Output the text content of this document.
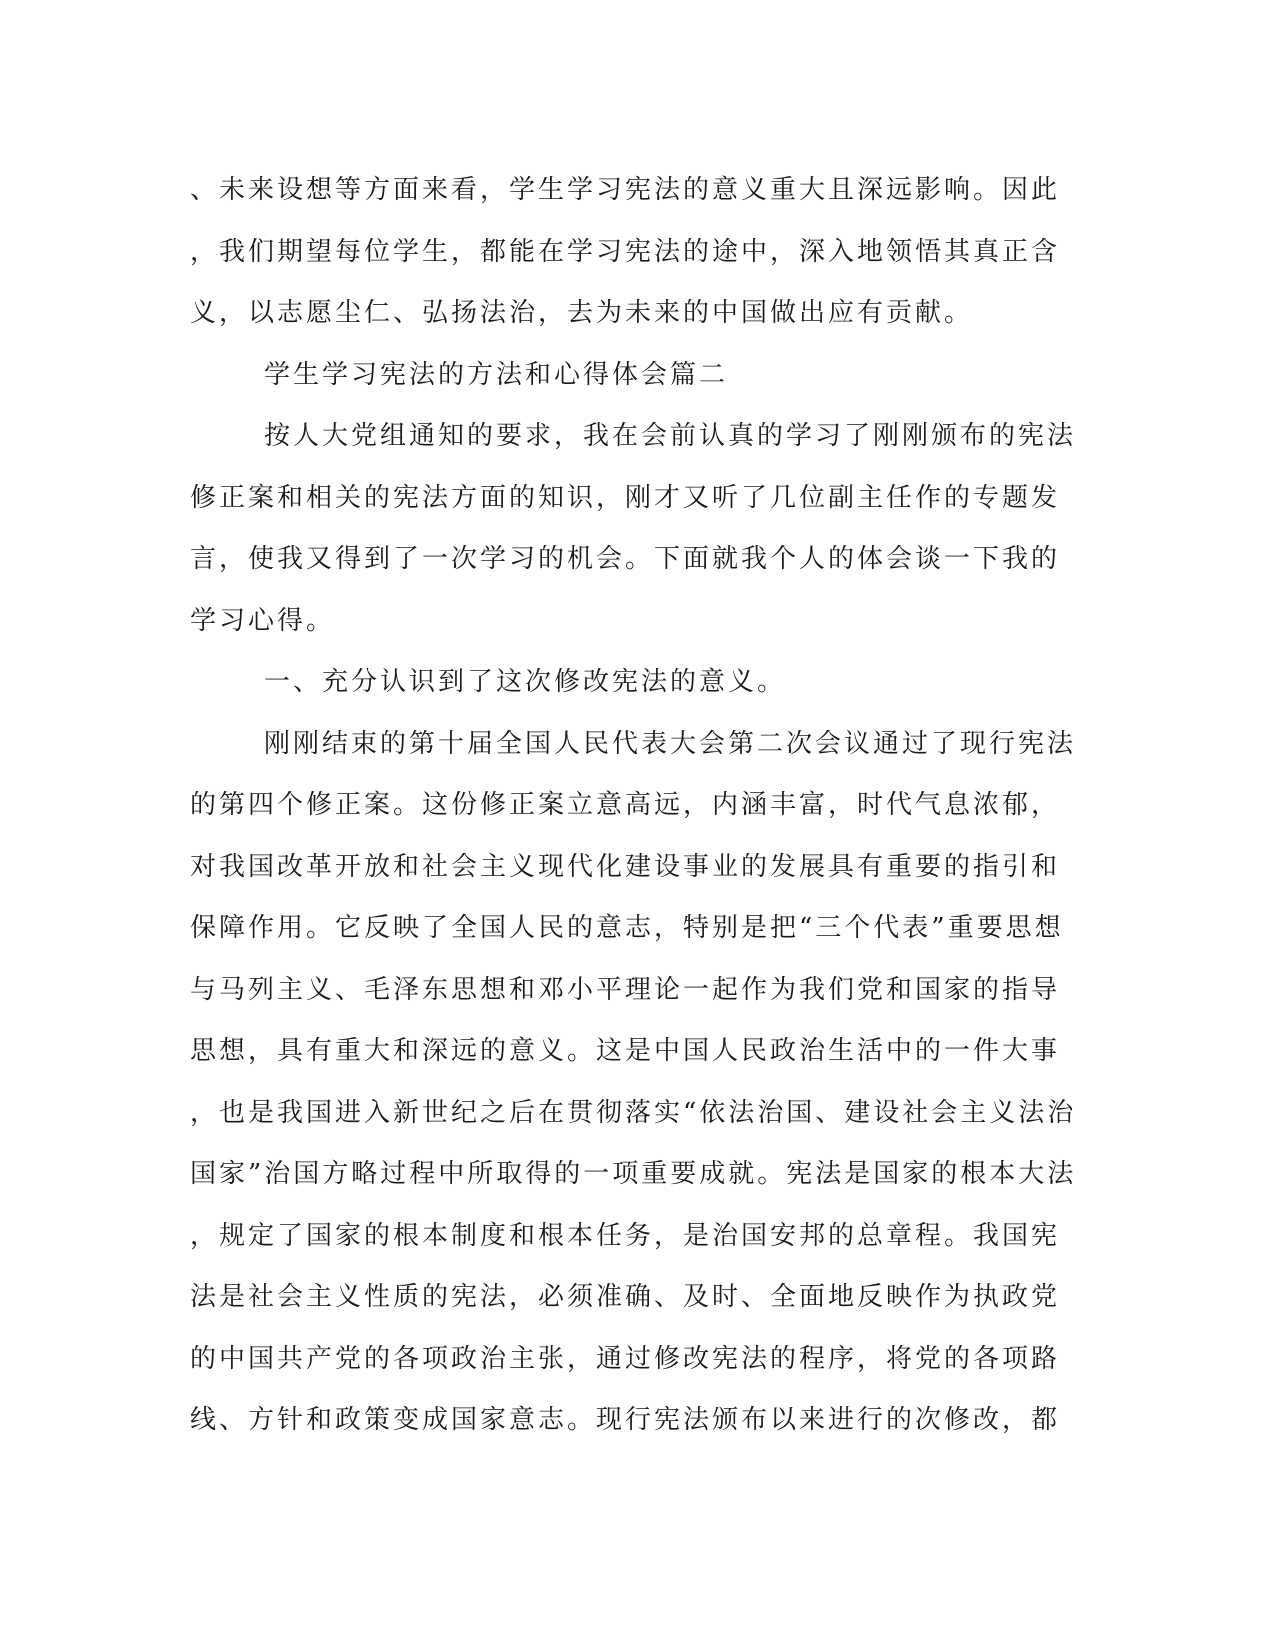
、未来设想等方面来看，学生学习宪法的意义重大且深远影响。因此
，我们期望每位学生，都能在学习宪法的途中，深入地领悟其真正含
义，以志愿尘仁、弘扬法治，去为未来的中国做出应有贡献。
学生学习宪法的方法和心得体会篇二
按人大党组通知的要求，我在会前认真的学习了刚刚颁布的宪法
修正案和相关的宪法方面的知识，刚才又听了几位副主任作的专题发
言，使我又得到了一次学习的机会。下面就我个人的体会谈一下我的
学习心得。
一、充分认识到了这次修改宪法的意义。
刚刚结束的第十届全国人民代表大会第二次会议通过了现行宪法
的第四个修正案。这份修正案立意高远，内涵丰富，时代气息浓郁，
对我国改革开放和社会主义现代化建设事业的发展具有重要的指引和
保障作用。它反映了全国人民的意志，特别是把“三个代表”重要思想
与马列主义、毛泽东思想和邓小平理论一起作为我们党和国家的指导
思想，具有重大和深远的意义。这是中国人民政治生活中的一件大事
，也是我国进入新世纪之后在贯彻落实“依法治国、建设社会主义法治
国家”治国方略过程中所取得的一项重要成就。宪法是国家的根本大法
，规定了国家的根本制度和根本任务，是治国安邦的总章程。我国宪
法是社会主义性质的宪法，必须准确、及时、全面地反映作为执政党
的中国共产党的各项政治主张，通过修改宪法的程序，将党的各项路
线、方针和政策变成国家意志。现行宪法颁布以来进行的次修改，都
